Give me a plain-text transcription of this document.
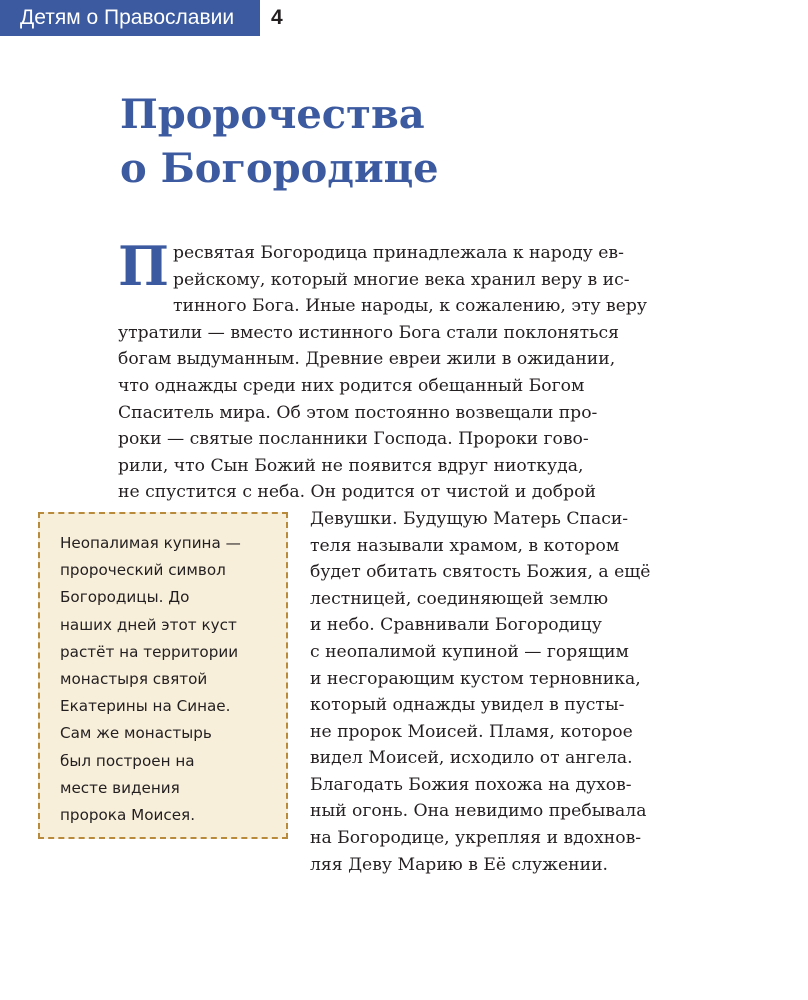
Детям о Православии	4
Пророчества
о Богородице
П ресвятая Богородица принадлежала к народу ев-
рейскому, который многие века хранил веру в ис-
тинного Бога. Иные народы, к сожалению, эту веру
утратили — вместо истинного Бога стали поклоняться
богам выдуманным. Древние евреи жили в ожидании,
что однажды среди них родится обещанный Богом
Спаситель мира. Об этом постоянно возвещали про-
роки — святые посланники Господа. Пророки гово-
рили, что Сын Божий не появится вдруг ниоткуда,
не спустится с неба. Он родится от чистой и доброй
Девушки. Будущую Матерь Спаси-
теля называли храмом, в котором
будет обитать святость Божия, а ещё
лестницей, соединяющей землю
и небо. Сравнивали Богородицу
с неопалимой купиной — горящим
и несгорающим кустом терновника,
который однажды увидел в пусты-
не пророк Моисей. Пламя, которое
видел Моисей, исходило от ангела.
Благодать Божия похожа на духов-
ный огонь. Она невидимо пребывала
на Богородице, укрепляя и вдохнов-
ляя Деву Марию в Её служении.
Неопалимая купина —
пророческий символ
Богородицы. До
наших дней этот куст
растёт на территории
монастыря святой
Екатерины на Синае.
Сам же монастырь
был построен на
месте видения
пророка Моисея.
